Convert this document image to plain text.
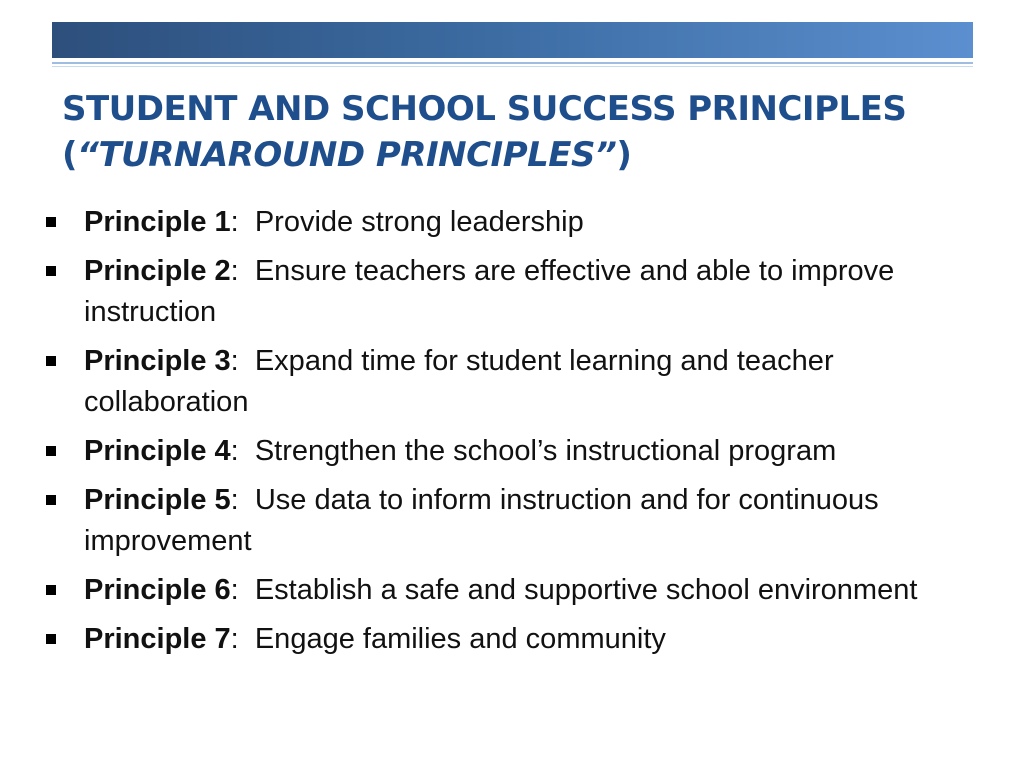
STUDENT AND SCHOOL SUCCESS PRINCIPLES
(“TURNAROUND PRINCIPLES”)
Principle 1:  Provide strong leadership
Principle 2:  Ensure teachers are effective and able to improve instruction
Principle 3:  Expand time for student learning and teacher collaboration
Principle 4:  Strengthen the school’s instructional program
Principle 5:  Use data to inform instruction and for continuous improvement
Principle 6:  Establish a safe and supportive school environment
Principle 7:  Engage families and community
